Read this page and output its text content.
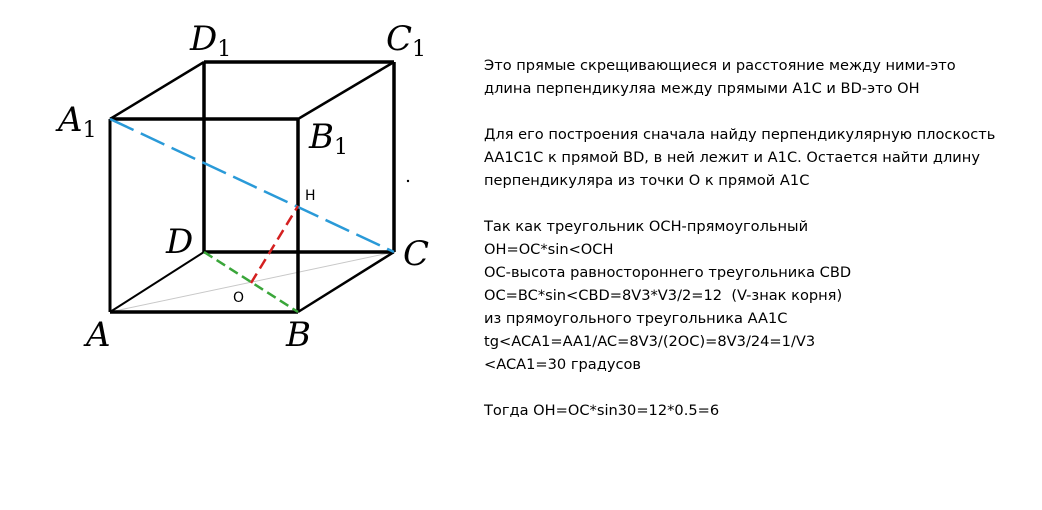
D1	C1
A1	B1
D	C
A	B
H
O
Это прямые скрещивающиеся и расстояние между ними-это
длина перпендикуляа между прямыми A1C и BD-это OH
Для его построения сначала найду перпендикулярную плоскость
AA1C1C к прямой BD, в ней лежит и A1C. Остается найти длину
перпендикуляра из точки O к прямой A1C
Так как треугольник OCH-прямоугольный
OH=OC*sin<OCH
OC-высота равностороннего треугольника CBD
OC=BC*sin<CBD=8V3*V3/2=12  (V-знак корня)
из прямоугольного треугольника AA1C
tg<ACA1=AA1/AC=8V3/(2OC)=8V3/24=1/V3
<ACA1=30 градусов
Тогда OH=OC*sin30=12*0.5=6
